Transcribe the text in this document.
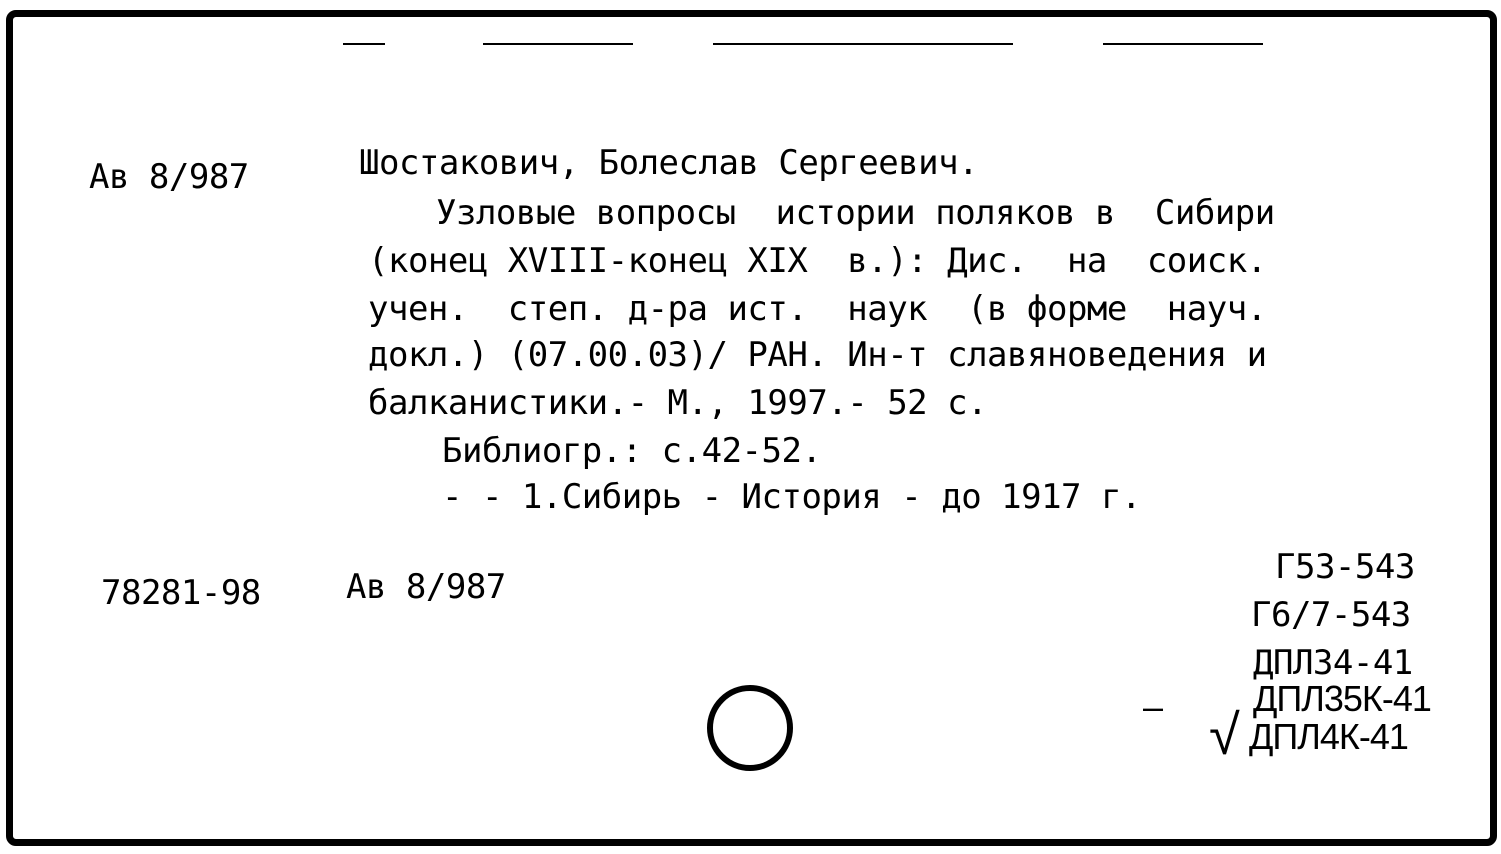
Ав 8/987	Шостакович, Болеслав Сергеевич.
Узловые вопросы  истории поляков в  Сибири
(конец XVIII-конец XIX  в.): Дис.  на  соиск.
учен.  степ. д-ра ист.  наук  (в форме  науч.
докл.) (07.00.03)/ РАН. Ин-т славяноведения и
балканистики.- М., 1997.- 52 с.
Библиогр.: с.42-52.
- - 1.Сибирь - История - до 1917 г.
78281-98	Ав 8/987	Г53-543
Г6/7-543
ДПЛ34-41
– √
ДПЛ35К-41
ДПЛ4К-41
